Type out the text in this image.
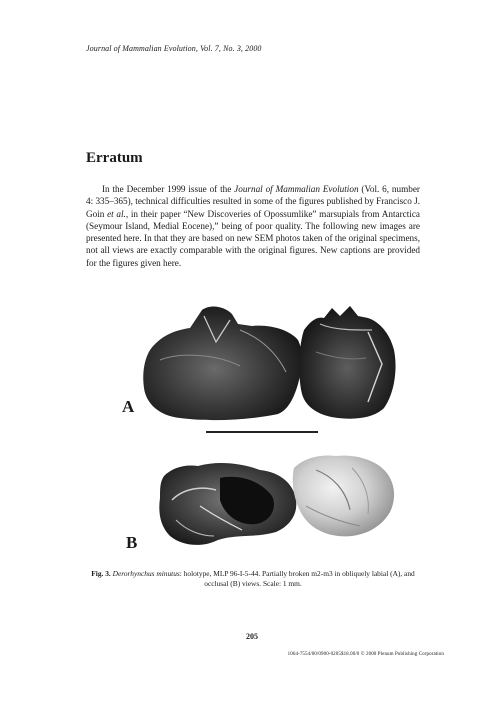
Journal of Mammalian Evolution, Vol. 7, No. 3, 2000
Erratum
In the December 1999 issue of the Journal of Mammalian Evolution (Vol. 6, number 4: 335–365), technical difficulties resulted in some of the figures published by Francisco J. Goin et al., in their paper “New Discoveries of Opossumlike” marsupials from Antarctica (Seymour Island, Medial Eocene),” being of poor quality. The following new images are presented here. In that they are based on new SEM photos taken of the original specimens, not all views are exactly comparable with the original figures. New captions are provided for the figures given here.
A
B
Fig. 3. Derorhynchus minutus: holotype, MLP 96-I-5-44. Partially broken m2-m3 in obliquely labial (A), and occlusal (B) views. Scale: 1 mm.
205
1064-7554/00/0900-0205$18.00/0 © 2000 Plenum Publishing Corporation
